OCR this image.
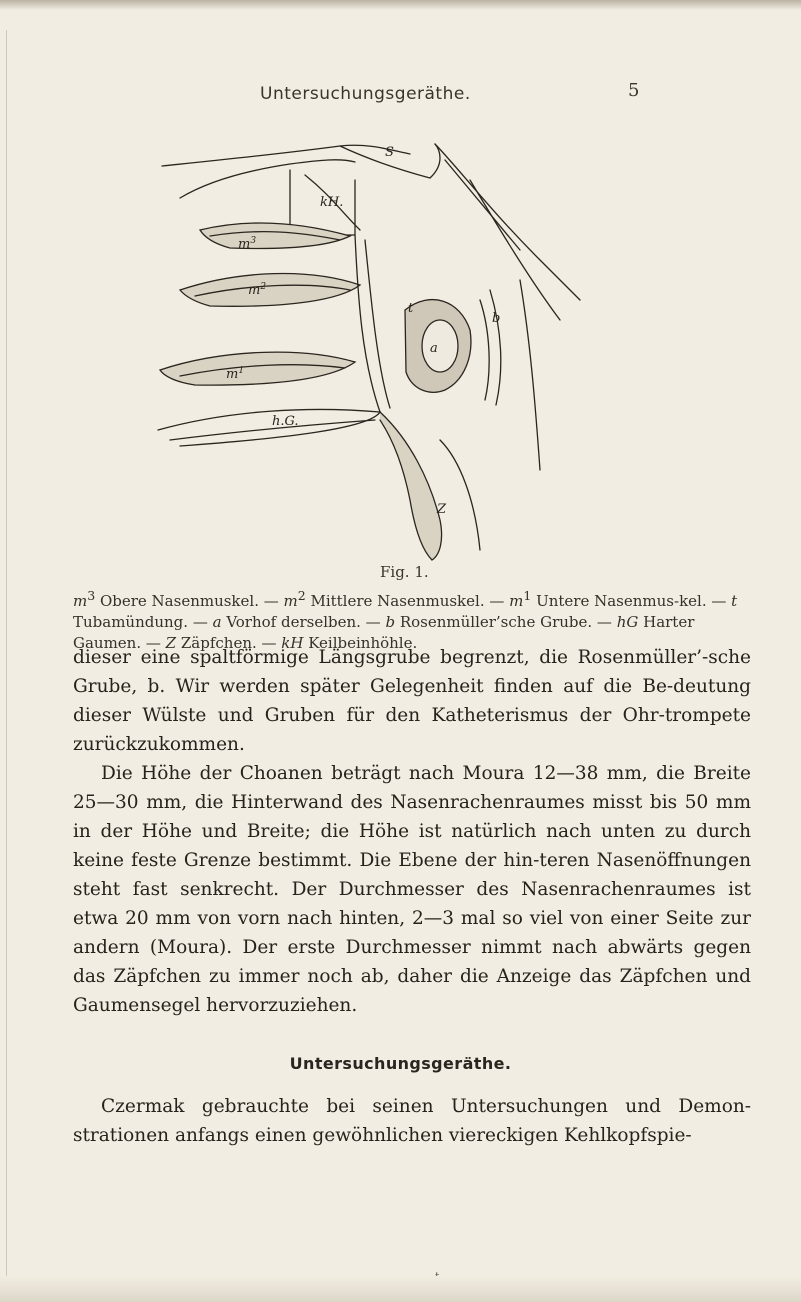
Untersuchungsgeräthe.	5
S
kH.
$m^3$
$m^2$
$m^1$
t
a
b
h.G.
Z
Fig. 1.

$m^3$ Obere Nasenmuskel. — $m^2$ Mittlere Nasenmuskel. — $m^1$ Untere Nasenmus-kel. — t Tubamündung. — a Vorhof derselben. — b Rosenmüller’sche Grube. — hG Harter Gaumen. — Z Zäpfchen. — kH Keilbeinhöhle.

dieser eine spaltförmige Längsgrube begrenzt, die Rosenmüller’-sche Grube, b. Wir werden später Gelegenheit finden auf die Be-deutung dieser Wülste und Gruben für den Katheterismus der Ohr-trompete zurückzukommen.

Die Höhe der Choanen beträgt nach Moura 12—38 mm, die Breite 25—30 mm, die Hinterwand des Nasenrachenraumes misst bis 50 mm in der Höhe und Breite; die Höhe ist natürlich nach unten zu durch keine feste Grenze bestimmt. Die Ebene der hin-teren Nasenöffnungen steht fast senkrecht. Der Durchmesser des Nasenrachenraumes ist etwa 20 mm von vorn nach hinten, 2—3 mal so viel von einer Seite zur andern (Moura). Der erste Durchmesser nimmt nach abwärts gegen das Zäpfchen zu immer noch ab, daher die Anzeige das Zäpfchen und Gaumensegel hervorzuziehen.

Untersuchungsgeräthe.

Czermak gebrauchte bei seinen Untersuchungen und Demon-strationen anfangs einen gewöhnlichen viereckigen Kehlkopfspie-
